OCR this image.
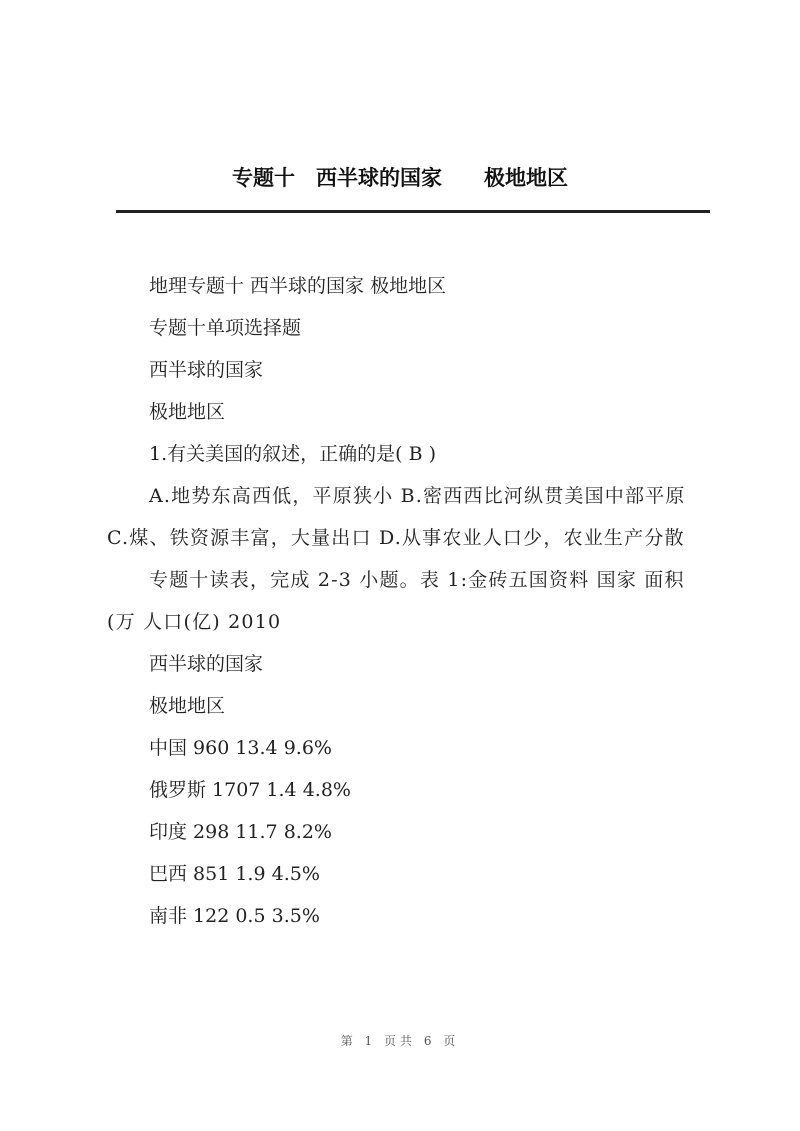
专题十　西半球的国家　　极地地区

地理专题十 西半球的国家 极地地区

专题十单项选择题

西半球的国家

极地地区

1.有关美国的叙述，正确的是( B )

A.地势东高西低，平原狭小 B.密西西比河纵贯美国中部平原 C.煤、铁资源丰富，大量出口 D.从事农业人口少，农业生产分散

专题十读表，完成 2-3 小题。表 1:金砖五国资料 国家 面积(万 人口(亿) 2010

西半球的国家

极地地区

中国 960 13.4 9.6%

俄罗斯 1707 1.4 4.8%

印度 298 11.7 8.2%

巴西 851 1.9 4.5%

南非 122 0.5 3.5%

第 1 页共 6 页
